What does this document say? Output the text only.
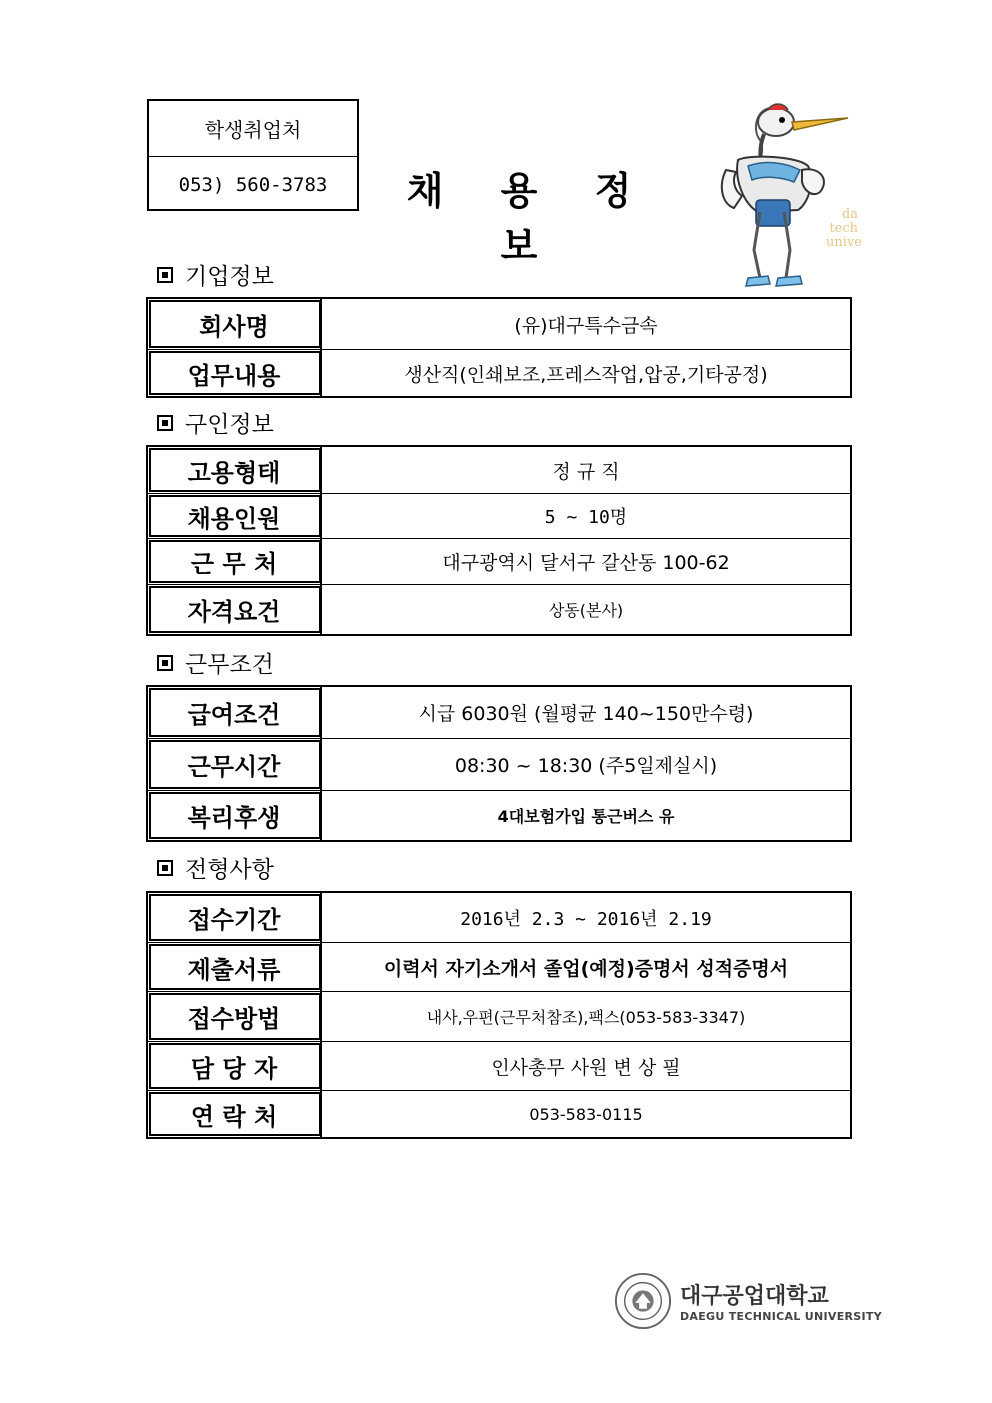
학생취업처
053) 560-3783	채 용 정 보
da
tech
unive
기업정보
회사명	(유)대구특수금속
업무내용	생산직(인쇄보조,프레스작업,압공,기타공정)
구인정보
고용형태	정 규 직
채용인원	5 ~ 10명
근 무 처	대구광역시 달서구 갈산동 100-62
자격요건	상동(본사)
근무조건
급여조건	시급 6030원 (월평균 140~150만수령)
근무시간	08:30 ~ 18:30 (주5일제실시)
복리후생	4대보험가입 통근버스 유
전형사항
접수기간	2016년 2.3 ~ 2016년 2.19
제출서류	이력서 자기소개서 졸업(예정)증명서 성적증명서
접수방법	내사,우편(근무처참조),팩스(053-583-3347)
담 당 자	인사총무 사원 변 상 필
연 락 처	053-583-0115
대구공업대학교
DAEGU TECHNICAL UNIVERSITY
